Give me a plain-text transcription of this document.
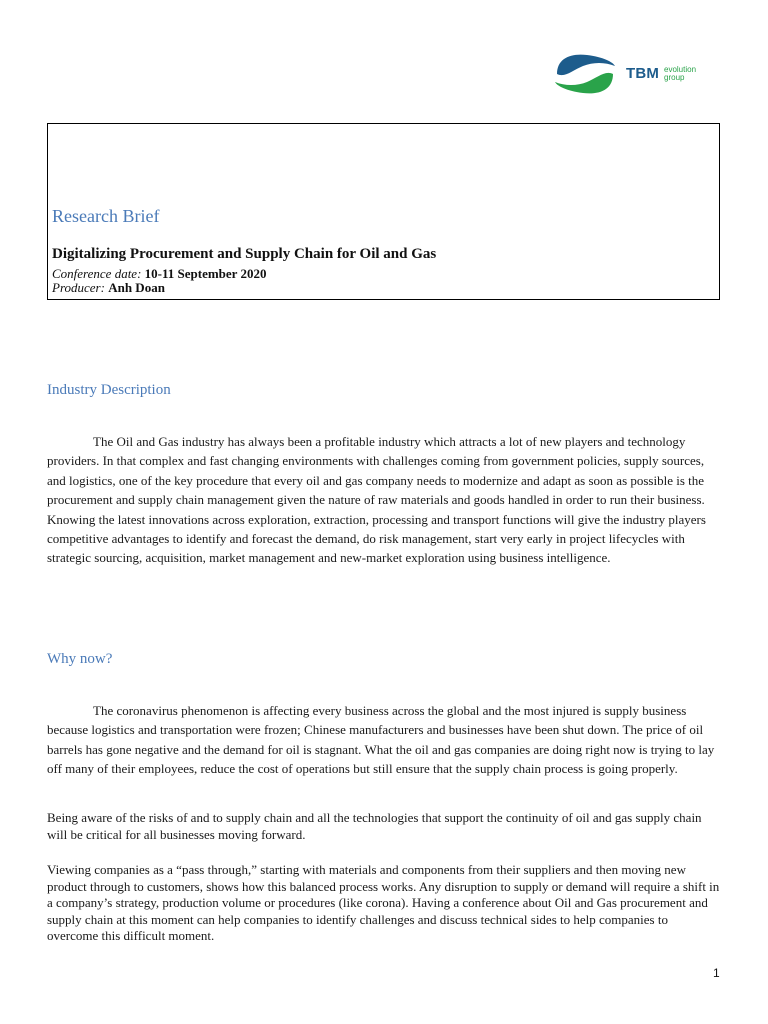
TBM evolution
group
Research Brief
Digitalizing Procurement and Supply Chain for Oil and Gas
Conference date: 10-11 September 2020
Producer: Anh Doan
Industry Description

The Oil and Gas industry has always been a profitable industry which attracts a lot of new players and technology providers. In that complex and fast changing environments with challenges coming from government policies, supply sources, and logistics, one of the key procedure that every oil and gas company needs to modernize and adapt as soon as possible is the procurement and supply chain management given the nature of raw materials and goods handled in order to run their business. Knowing the latest innovations across exploration, extraction, processing and transport functions will give the industry players competitive advantages to identify and forecast the demand, do risk management, start very early in project lifecycles with strategic sourcing, acquisition, market management and new-market exploration using business intelligence.

Why now?

The coronavirus phenomenon is affecting every business across the global and the most injured is supply business because logistics and transportation were frozen; Chinese manufacturers and businesses have been shut down. The price of oil barrels has gone negative and the demand for oil is stagnant. What the oil and gas companies are doing right now is trying to lay off many of their employees, reduce the cost of operations but still ensure that the supply chain process is going properly.

Being aware of the risks of and to supply chain and all the technologies that support the continuity of oil and gas supply chain will be critical for all businesses moving forward.

Viewing companies as a “pass through,” starting with materials and components from their suppliers and then moving new product through to customers, shows how this balanced process works. Any disruption to supply or demand will require a shift in a company’s strategy, production volume or procedures (like corona). Having a conference about Oil and Gas procurement and supply chain at this moment can help companies to identify challenges and discuss technical sides to help companies to overcome this difficult moment.

1
